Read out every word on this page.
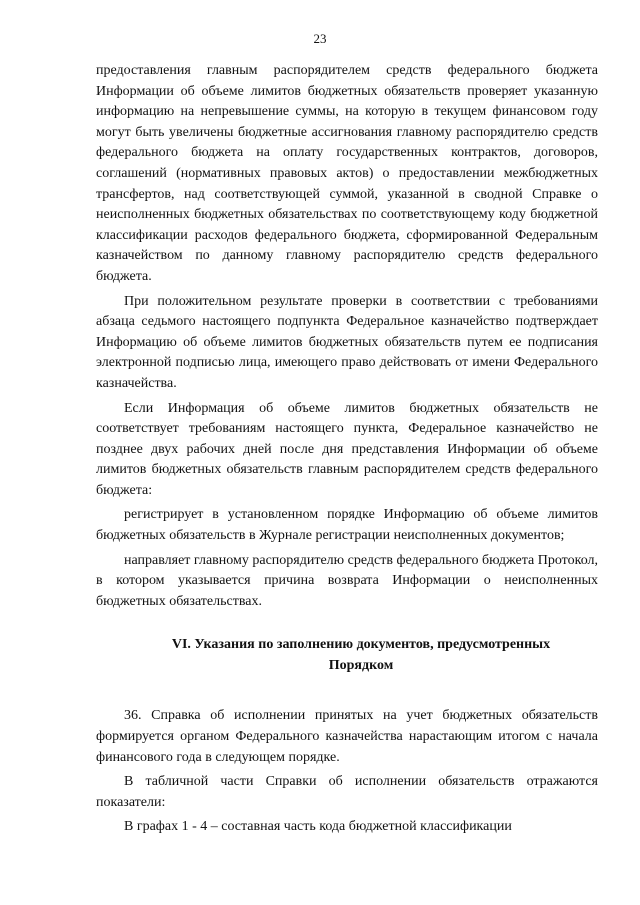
23

предоставления главным распорядителем средств федерального бюджета Информации об объеме лимитов бюджетных обязательств проверяет указанную информацию на непревышение суммы, на которую в текущем финансовом году могут быть увеличены бюджетные ассигнования главному распорядителю средств федерального бюджета на оплату государственных контрактов, договоров, соглашений (нормативных правовых актов) о предоставлении межбюджетных трансфертов, над соответствующей суммой, указанной в сводной Справке о неисполненных бюджетных обязательствах по соответствующему коду бюджетной классификации расходов федерального бюджета, сформированной Федеральным казначейством по данному главному распорядителю средств федерального бюджета.

При положительном результате проверки в соответствии с требованиями абзаца седьмого настоящего подпункта Федеральное казначейство подтверждает Информацию об объеме лимитов бюджетных обязательств путем ее подписания электронной подписью лица, имеющего право действовать от имени Федерального казначейства.

Если Информация об объеме лимитов бюджетных обязательств не соответствует требованиям настоящего пункта, Федеральное казначейство не позднее двух рабочих дней после дня представления Информации об объеме лимитов бюджетных обязательств главным распорядителем средств федерального бюджета:

регистрирует в установленном порядке Информацию об объеме лимитов бюджетных обязательств в Журнале регистрации неисполненных документов;

направляет главному распорядителю средств федерального бюджета Протокол, в котором указывается причина возврата Информации о неисполненных бюджетных обязательствах.

VI. Указания по заполнению документов, предусмотренных
Порядком

36. Справка об исполнении принятых на учет бюджетных обязательств формируется органом Федерального казначейства нарастающим итогом с начала финансового года в следующем порядке.

В табличной части Справки об исполнении обязательств отражаются показатели:

В графах 1 - 4 – составная часть кода бюджетной классификации
